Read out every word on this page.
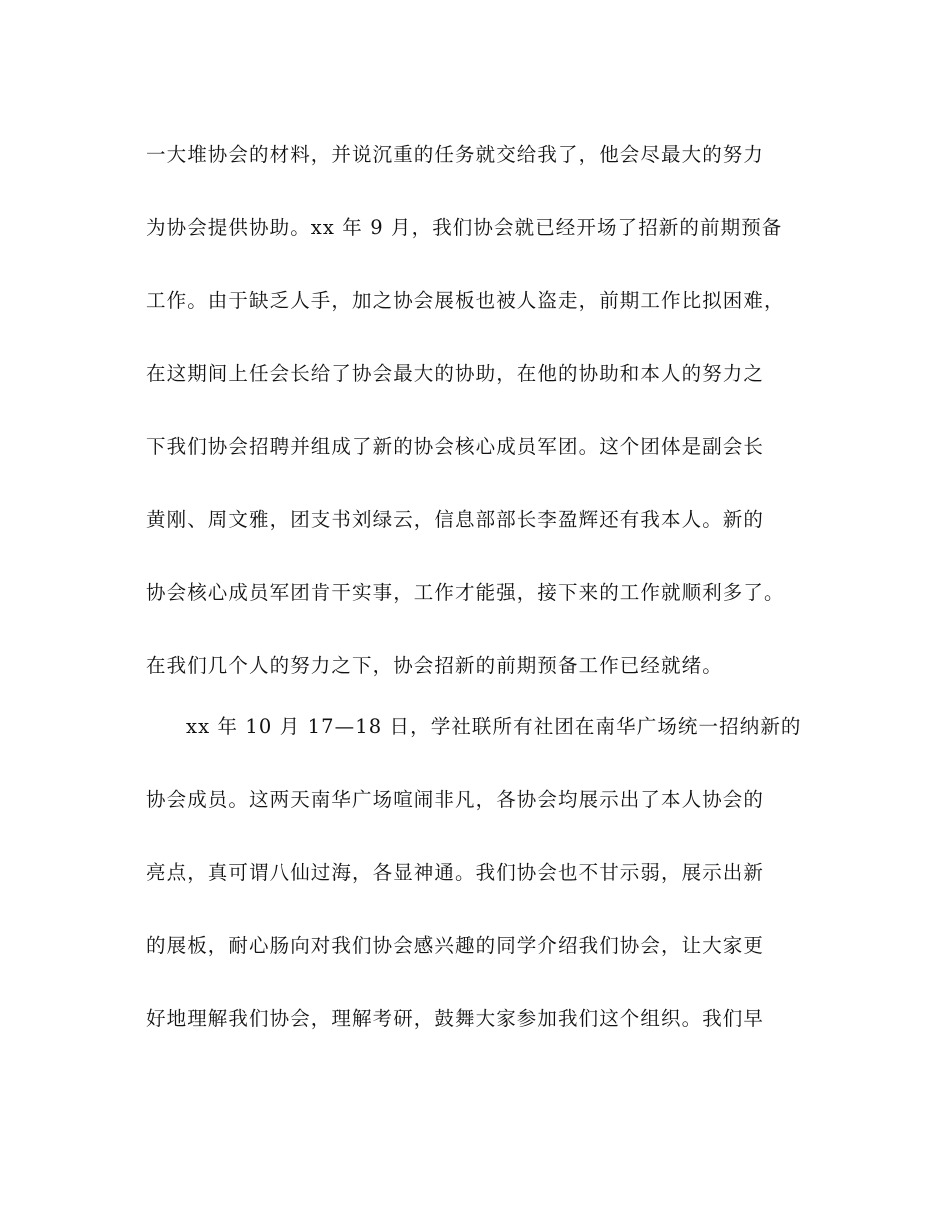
一大堆协会的材料，并说沉重的任务就交给我了，他会尽最大的努力

为协会提供协助。xx 年 9 月，我们协会就已经开场了招新的前期预备

工作。由于缺乏人手，加之协会展板也被人盗走，前期工作比拟困难，

在这期间上任会长给了协会最大的协助，在他的协助和本人的努力之

下我们协会招聘并组成了新的协会核心成员军团。这个团体是副会长

黄刚、周文雅，团支书刘绿云，信息部部长李盈辉还有我本人。新的

协会核心成员军团肯干实事，工作才能强，接下来的工作就顺利多了。

在我们几个人的努力之下，协会招新的前期预备工作已经就绪。

xx 年 10 月 17—18 日，学社联所有社团在南华广场统一招纳新的

协会成员。这两天南华广场喧闹非凡，各协会均展示出了本人协会的

亮点，真可谓八仙过海，各显神通。我们协会也不甘示弱，展示出新

的展板，耐心肠向对我们协会感兴趣的同学介绍我们协会，让大家更

好地理解我们协会，理解考研，鼓舞大家参加我们这个组织。我们早
